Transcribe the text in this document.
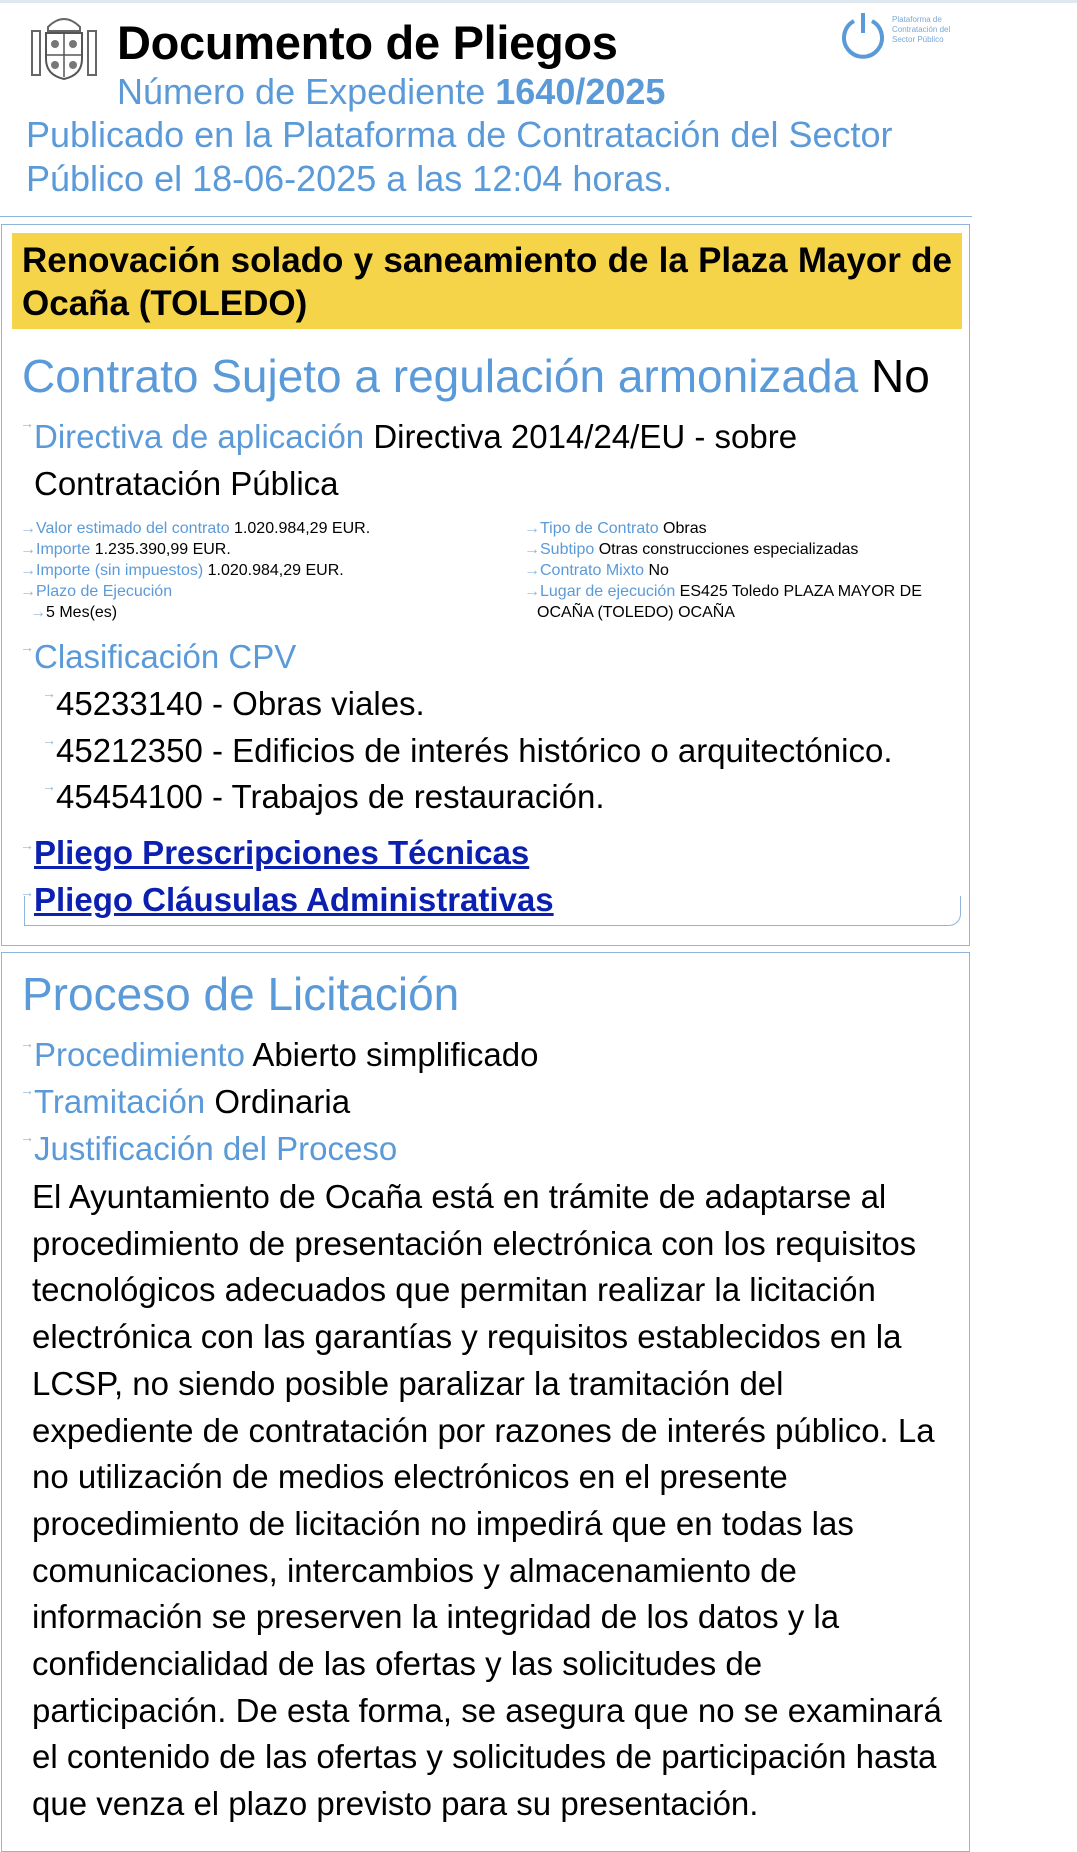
Documento de Pliegos
Número de Expediente 1640/2025
Publicado en la Plataforma de Contratación del Sector Público el 18-06-2025 a las 12:04 horas.
Plataforma de Contratación del Sector Público
Renovación solado y saneamiento de la Plaza Mayor de Ocaña (TOLEDO)
Contrato Sujeto a regulación armonizada No
→ Directiva de aplicación Directiva 2014/24/EU - sobre Contratación Pública
→Valor estimado del contrato 1.020.984,29 EUR.
→Importe 1.235.390,99 EUR.
→Importe (sin impuestos) 1.020.984,29 EUR.
→Plazo de Ejecución
→5 Mes(es)
→Tipo de Contrato Obras
→Subtipo Otras construcciones especializadas
→Contrato Mixto No
→Lugar de ejecución ES425 Toledo PLAZA MAYOR DE OCAÑA (TOLEDO) OCAÑA
→ Clasificación CPV
→ 45233140 - Obras viales.
→ 45212350 - Edificios de interés histórico o arquitectónico.
→ 45454100 - Trabajos de restauración.
→ Pliego Prescripciones Técnicas
→ Pliego Cláusulas Administrativas
Proceso de Licitación
→ Procedimiento Abierto simplificado
→ Tramitación Ordinaria
→ Justificación del Proceso
El Ayuntamiento de Ocaña está en trámite de adaptarse al procedimiento de presentación electrónica con los requisitos tecnológicos adecuados que permitan realizar la licitación electrónica con las garantías y requisitos establecidos en la LCSP, no siendo posible paralizar la tramitación del expediente de contratación por razones de interés público. La no utilización de medios electrónicos en el presente procedimiento de licitación no impedirá que en todas las comunicaciones, intercambios y almacenamiento de información se preserven la integridad de los datos y la confidencialidad de las ofertas y las solicitudes de participación. De esta forma, se asegura que no se examinará el contenido de las ofertas y solicitudes de participación hasta que venza el plazo previsto para su presentación.
